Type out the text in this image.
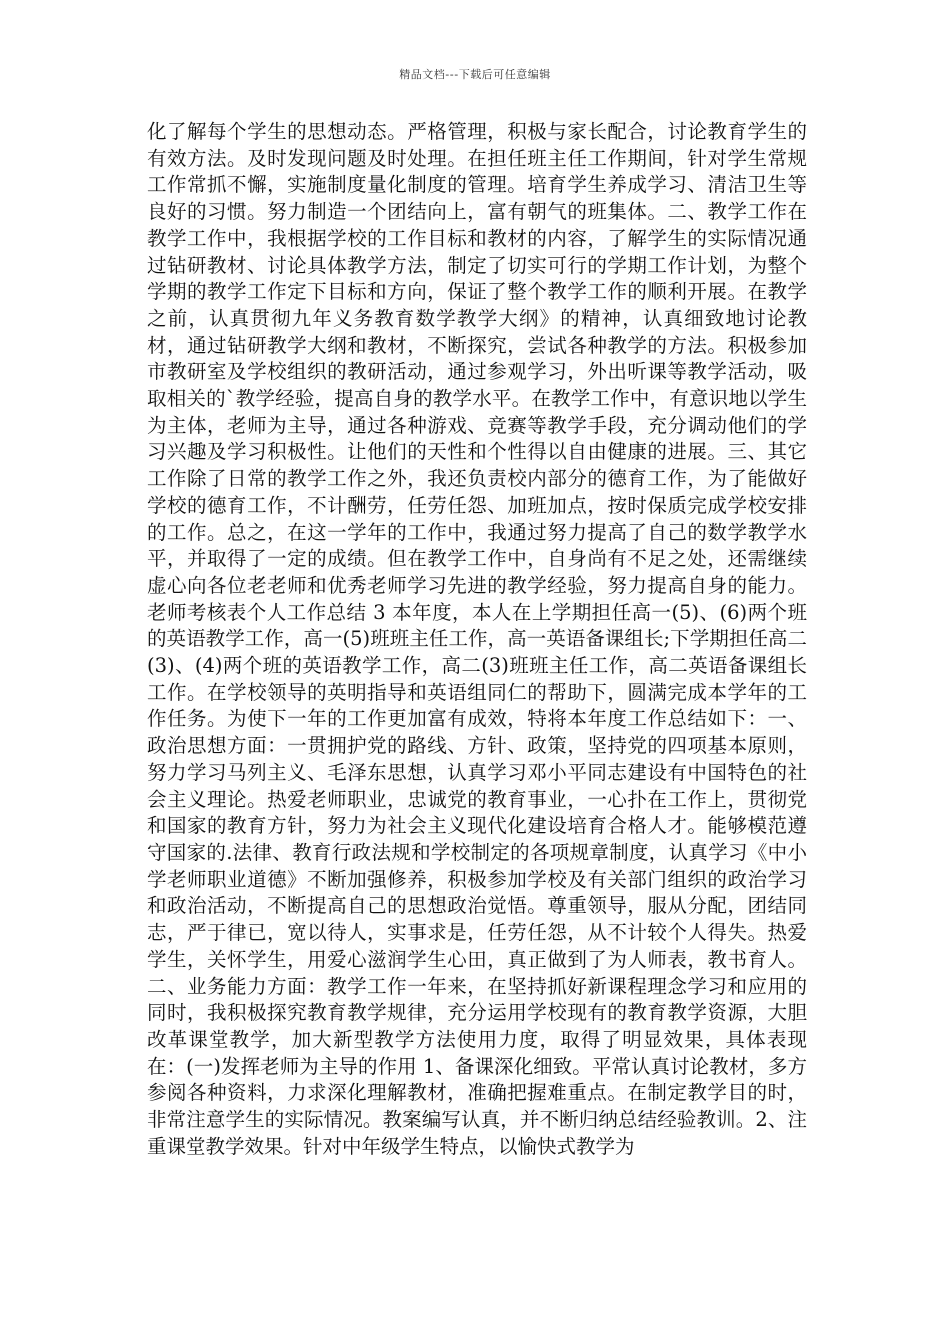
精品文档---下载后可任意编辑

化了解每个学生的思想动态。严格管理，积极与家长配合，讨论教育学生的有效方法。及时发现问题及时处理。在担任班主任工作期间，针对学生常规工作常抓不懈，实施制度量化制度的管理。培育学生养成学习、清洁卫生等良好的习惯。努力制造一个团结向上，富有朝气的班集体。二、教学工作在教学工作中，我根据学校的工作目标和教材的内容，了解学生的实际情况通过钻研教材、讨论具体教学方法，制定了切实可行的学期工作计划，为整个学期的教学工作定下目标和方向，保证了整个教学工作的顺利开展。在教学之前，认真贯彻九年义务教育数学教学大纲》的精神，认真细致地讨论教材，通过钻研教学大纲和教材，不断探究，尝试各种教学的方法。积极参加市教研室及学校组织的教研活动，通过参观学习，外出听课等教学活动，吸取相关的`教学经验，提高自身的教学水平。在教学工作中，有意识地以学生为主体，老师为主导，通过各种游戏、竞赛等教学手段，充分调动他们的学习兴趣及学习积极性。让他们的天性和个性得以自由健康的进展。三、其它工作除了日常的教学工作之外，我还负责校内部分的德育工作，为了能做好学校的德育工作，不计酬劳，任劳任怨、加班加点，按时保质完成学校安排的工作。总之，在这一学年的工作中，我通过努力提高了自己的数学教学水平，并取得了一定的成绩。但在教学工作中，自身尚有不足之处，还需继续虚心向各位老老师和优秀老师学习先进的教学经验，努力提高自身的能力。老师考核表个人工作总结 3 本年度，本人在上学期担任高一(5)、(6)两个班的英语教学工作，高一(5)班班主任工作，高一英语备课组长;下学期担任高二(3)、(4)两个班的英语教学工作，高二(3)班班主任工作，高二英语备课组长工作。在学校领导的英明指导和英语组同仁的帮助下，圆满完成本学年的工作任务。为使下一年的工作更加富有成效，特将本年度工作总结如下：一、政治思想方面：一贯拥护党的路线、方针、政策，坚持党的四项基本原则，努力学习马列主义、毛泽东思想，认真学习邓小平同志建设有中国特色的社会主义理论。热爱老师职业，忠诚党的教育事业，一心扑在工作上，贯彻党和国家的教育方针，努力为社会主义现代化建设培育合格人才。能够模范遵守国家的.法律、教育行政法规和学校制定的各项规章制度，认真学习《中小学老师职业道德》不断加强修养，积极参加学校及有关部门组织的政治学习和政治活动，不断提高自己的思想政治觉悟。尊重领导，服从分配，团结同志，严于律已，宽以待人，实事求是，任劳任怨，从不计较个人得失。热爱学生，关怀学生，用爱心滋润学生心田，真正做到了为人师表，教书育人。二、业务能力方面：教学工作一年来，在坚持抓好新课程理念学习和应用的同时，我积极探究教育教学规律，充分运用学校现有的教育教学资源，大胆改革课堂教学，加大新型教学方法使用力度，取得了明显效果，具体表现在：(一)发挥老师为主导的作用 1、备课深化细致。平常认真讨论教材，多方参阅各种资料，力求深化理解教材，准确把握难重点。在制定教学目的时，非常注意学生的实际情况。教案编写认真，并不断归纳总结经验教训。2、注重课堂教学效果。针对中年级学生特点，以愉快式教学为
